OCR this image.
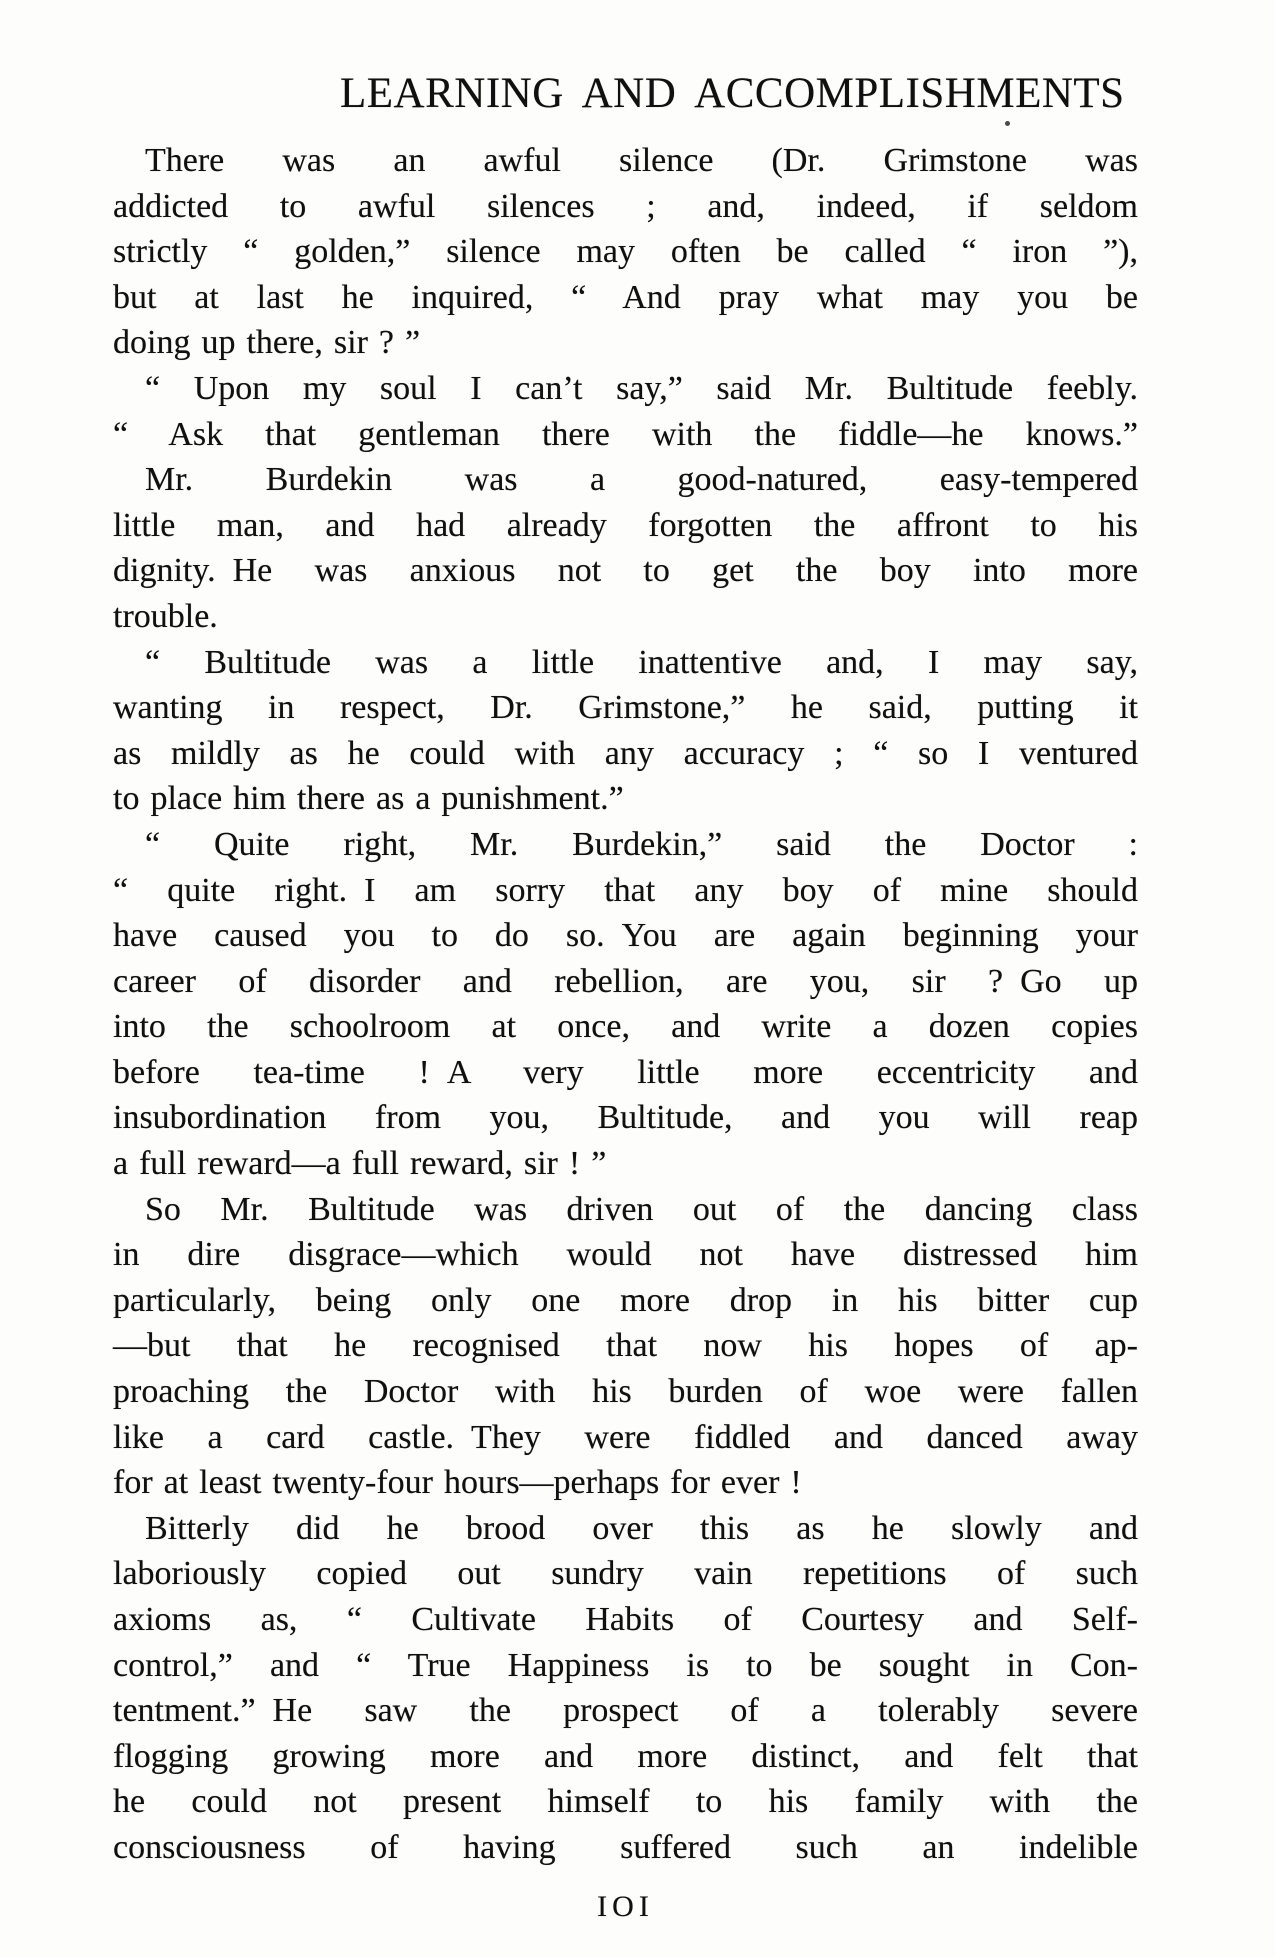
LEARNING AND ACCOMPLISHMENTS
There was an awful silence (Dr. Grimstone was
addicted to awful silences ; and, indeed, if seldom
strictly “ golden,” silence may often be called “ iron ”),
but at last he inquired, “ And pray what may you be
doing up there, sir ? ”
“ Upon my soul I can’t say,” said Mr. Bultitude feebly.
“ Ask that gentleman there with the fiddle—he knows.”
Mr. Burdekin was a good-natured, easy-tempered
little man, and had already forgotten the affront to his
dignity. He was anxious not to get the boy into more
trouble.
“ Bultitude was a little inattentive and, I may say,
wanting in respect, Dr. Grimstone,” he said, putting it
as mildly as he could with any accuracy ; “ so I ventured
to place him there as a punishment.”
“ Quite right, Mr. Burdekin,” said the Doctor :
“ quite right. I am sorry that any boy of mine should
have caused you to do so. You are again beginning your
career of disorder and rebellion, are you, sir ? Go up
into the schoolroom at once, and write a dozen copies
before tea-time ! A very little more eccentricity and
insubordination from you, Bultitude, and you will reap
a full reward—a full reward, sir ! ”
So Mr. Bultitude was driven out of the dancing class
in dire disgrace—which would not have distressed him
particularly, being only one more drop in his bitter cup
—but that he recognised that now his hopes of ap-
proaching the Doctor with his burden of woe were fallen
like a card castle. They were fiddled and danced away
for at least twenty-four hours—perhaps for ever !
Bitterly did he brood over this as he slowly and
laboriously copied out sundry vain repetitions of such
axioms as, “ Cultivate Habits of Courtesy and Self-
control,” and “ True Happiness is to be sought in Con-
tentment.” He saw the prospect of a tolerably severe
flogging growing more and more distinct, and felt that
he could not present himself to his family with the
consciousness of having suffered such an indelible
IOI
